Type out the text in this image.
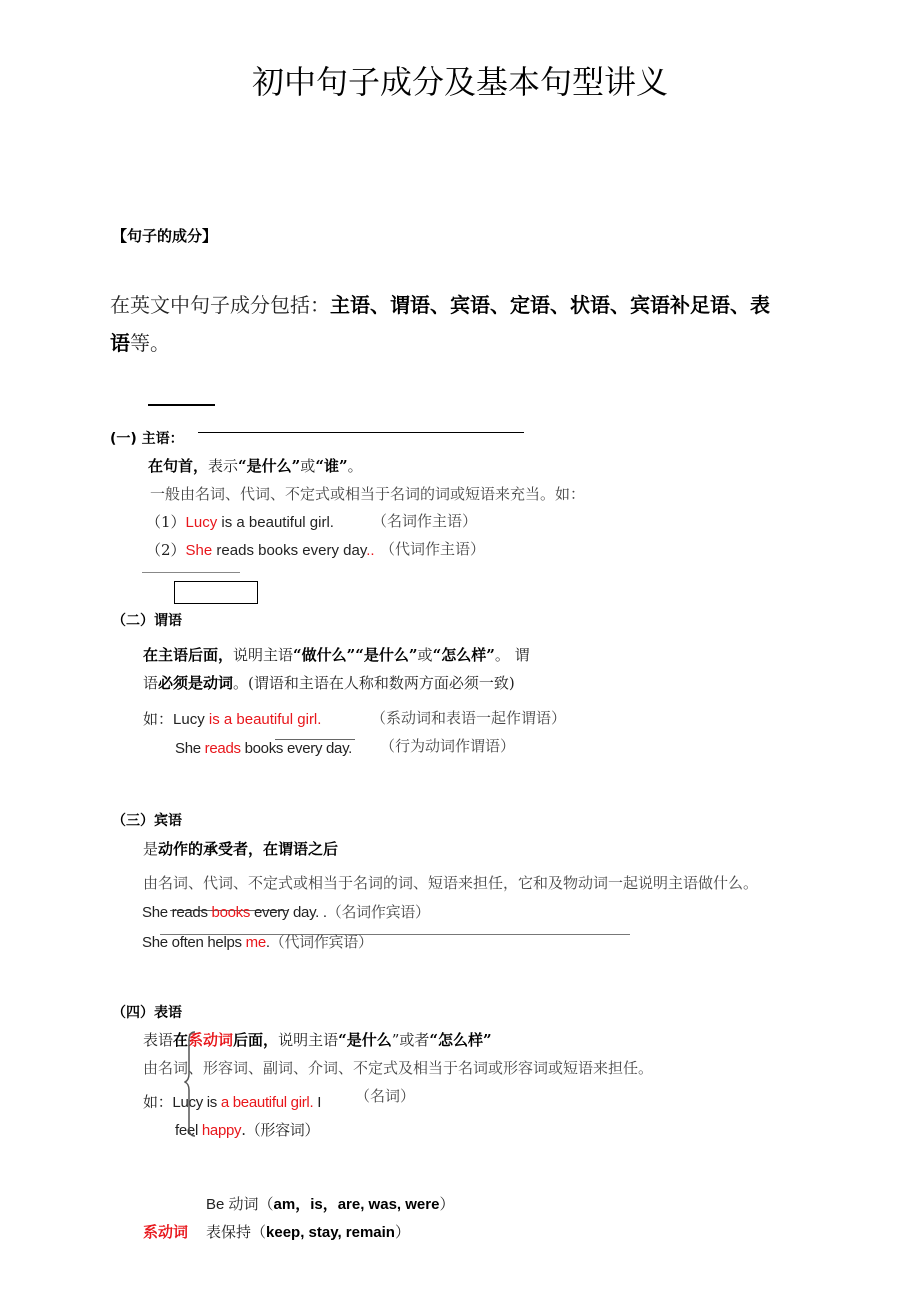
初中句子成分及基本句型讲义
【句子的成分】
在英文中句子成分包括：主语、谓语、宾语、定语、状语、宾语补足语、表
语等。
(一) 主语：
在句首，表示“是什么”或“谁”。
一般由名词、代词、不定式或相当于名词的词或短语来充当。如：
（1）Lucy is a beautiful girl.	（名词作主语）
（2）She reads books every day.. （代词作主语）
（二）谓语
在主语后面，说明主语“做什么”“是什么”或“怎么样”。 谓
语必须是动词。(谓语和主语在人称和数两方面必须一致)
如：Lucy is a beautiful girl.	（系动词和表语一起作谓语）
She reads books every day. （行为动词作谓语）
（三）宾语
是动作的承受者，在谓语之后
由名词、代词、不定式或相当于名词的词、短语来担任，它和及物动词一起说明主语做什么。
She reads books every day. .（名词作宾语）
She often helps me.（代词作宾语）
（四）表语
表语在系动词后面，说明主语“是什么”或者“怎么样”
由名词、形容词、副词、介词、不定式及相当于名词或形容词或短语来担任。
如：Lucy is a beautiful girl. I （名词）
feel happy.（形容词）
Be 动词（am，is，are, was, were）
系动词 表保持（keep, stay, remain）
